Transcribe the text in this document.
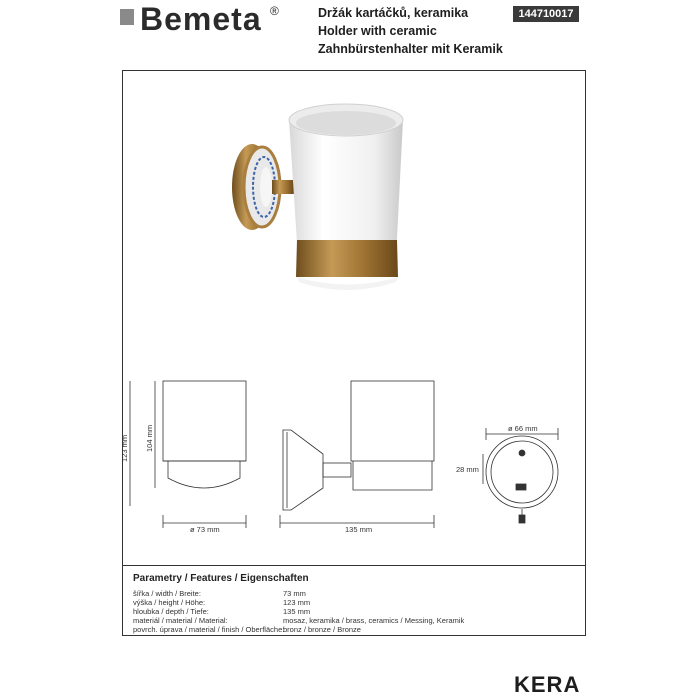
Bemeta ®	Držák kartáčků, keramika
Holder with ceramic
Zahnbürstenhalter mit Keramik
144710017
123 mm 104 mm
ø 73 mm	135 mm
ø 66 mm
28 mm
Parametry / Features / Eigenschaften
šířka / width / Breite:	73 mm
výška / height / Höhe:	123 mm
hloubka / depth / Tiefe:	135 mm
materiál / material / Material:	mosaz, keramika / brass, ceramics / Messing, Keramik
povrch. úprava / material / finish / Oberfläche:
bronz / bronze / Bronze
KERA
